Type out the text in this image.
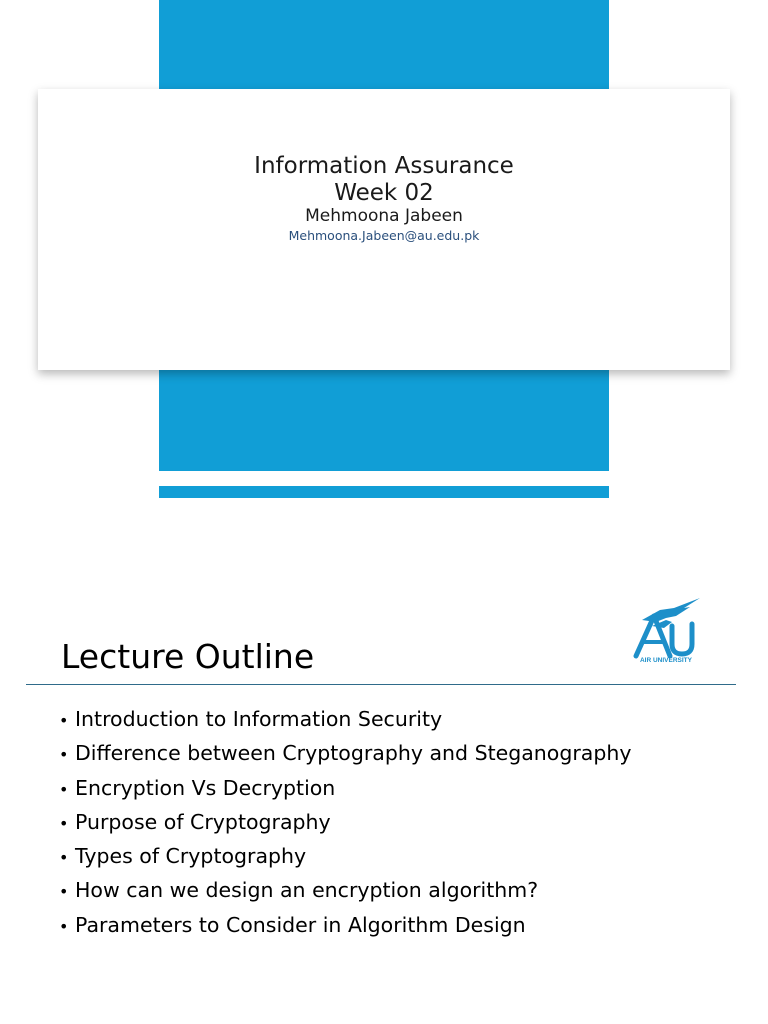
Information Assurance
Week 02
Mehmoona Jabeen
Mehmoona.Jabeen@au.edu.pk
Lecture Outline	AIR UNIVERSITY
• Introduction to Information Security
• Difference between Cryptography and Steganography
• Encryption Vs Decryption
• Purpose of Cryptography
• Types of Cryptography
• How can we design an encryption algorithm?
• Parameters to Consider in Algorithm Design
